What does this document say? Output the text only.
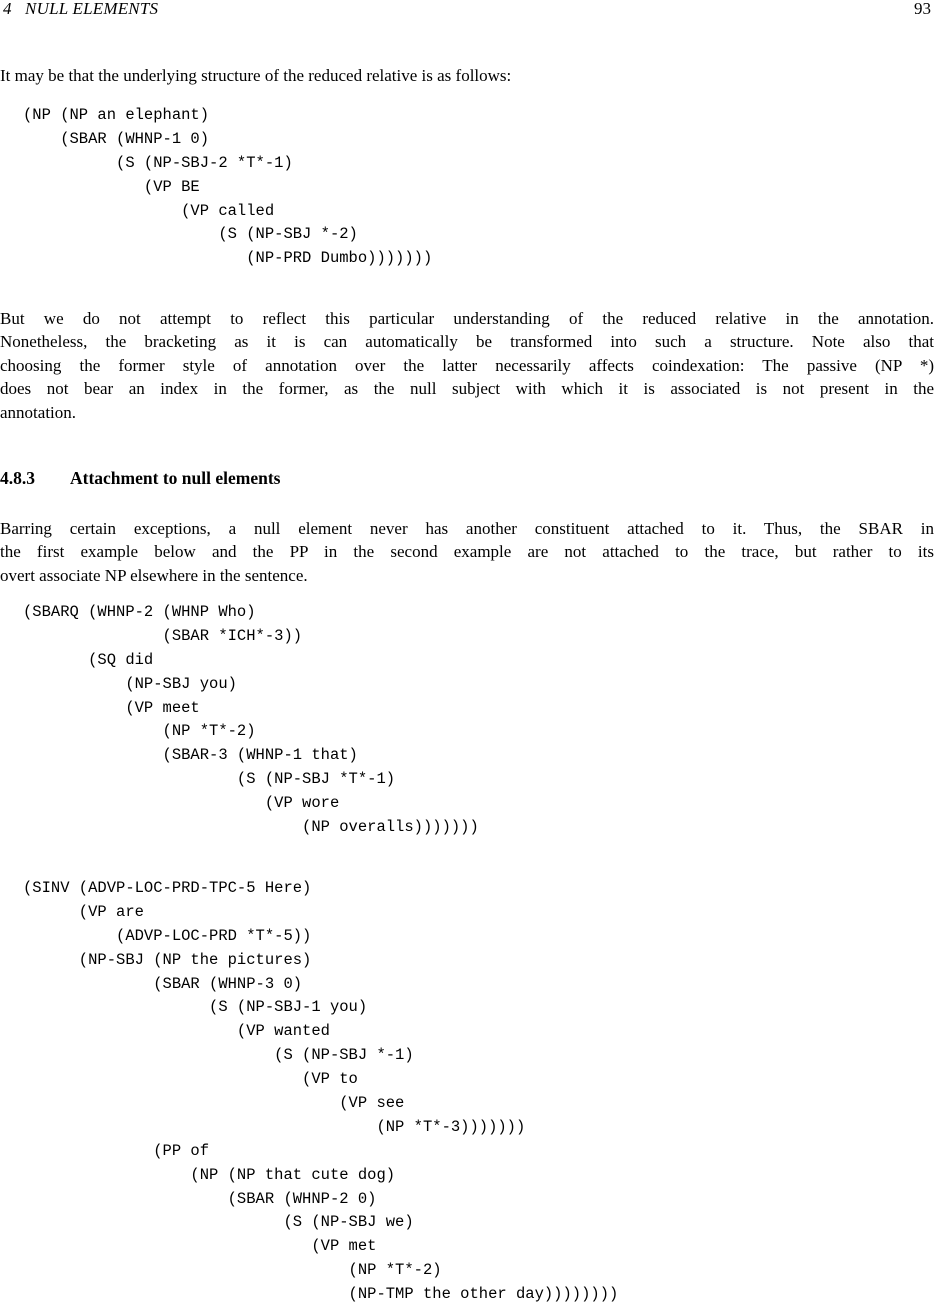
4   NULL ELEMENTS	93
It may be that the underlying structure of the reduced relative is as follows:
(NP (NP an elephant)
(SBAR (WHNP-1 0)
(S (NP-SBJ-2 *T*-1)
(VP BE
(VP called
(S (NP-SBJ *-2)
(NP-PRD Dumbo)))))))
But we do not attempt to reflect this particular understanding of the reduced relative in the annotation.
Nonetheless, the bracketing as it is can automatically be transformed into such a structure. Note also that
choosing the former style of annotation over the latter necessarily affects coindexation: The passive (NP *)
does not bear an index in the former, as the null subject with which it is associated is not present in the
annotation.
4.8.3 Attachment to null elements
Barring certain exceptions, a null element never has another constituent attached to it. Thus, the SBAR in
the first example below and the PP in the second example are not attached to the trace, but rather to its
overt associate NP elsewhere in the sentence.
(SBARQ (WHNP-2 (WHNP Who)
(SBAR *ICH*-3))
(SQ did
(NP-SBJ you)
(VP meet
(NP *T*-2)
(SBAR-3 (WHNP-1 that)
(S (NP-SBJ *T*-1)
(VP wore
(NP overalls)))))))
(SINV (ADVP-LOC-PRD-TPC-5 Here)
(VP are
(ADVP-LOC-PRD *T*-5))
(NP-SBJ (NP the pictures)
(SBAR (WHNP-3 0)
(S (NP-SBJ-1 you)
(VP wanted
(S (NP-SBJ *-1)
(VP to
(VP see
(NP *T*-3)))))))
(PP of
(NP (NP that cute dog)
(SBAR (WHNP-2 0)
(S (NP-SBJ we)
(VP met
(NP *T*-2)
(NP-TMP the other day))))))))
